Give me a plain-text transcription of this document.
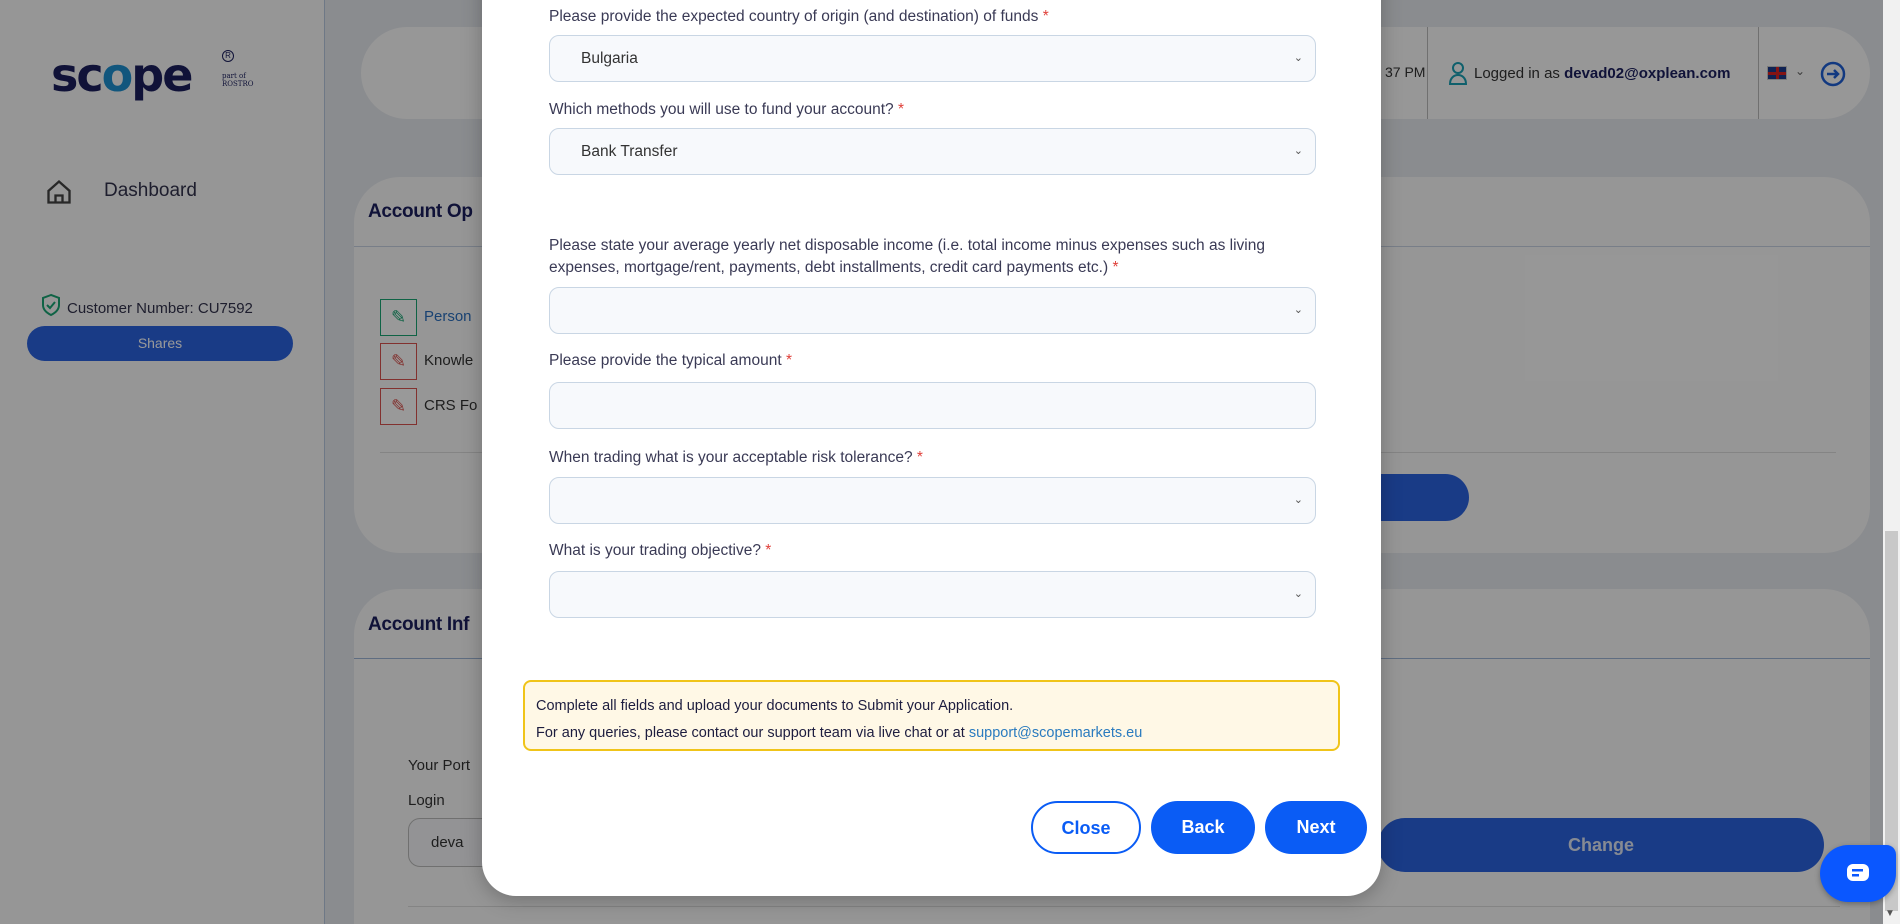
scope	R
part of ROSTRO
Dashboard
Customer Number: CU7592
Shares
37 PM	Logged in as devad02@oxplean.com	⌄
Account Op
✎	Person
✎	Knowle
✎	CRS Fo
Account Inf
Your Port
Login
deva	Change
▼
Please provide the expected country of origin (and destination) of funds *
Bulgaria	⌄
Which methods you will use to fund your account? *
Bank Transfer	⌄
Please state your average yearly net disposable income (i.e. total income minus expenses such as living expenses, mortgage/rent, payments, debt installments, credit card payments etc.) *
⌄
Please provide the typical amount *
When trading what is your acceptable risk tolerance? *
⌄
What is your trading objective? *
⌄

Complete all fields and upload your documents to Submit your Application.

For any queries, please contact our support team via live chat or at support@scopemarkets.eu

Close	Back	Next
